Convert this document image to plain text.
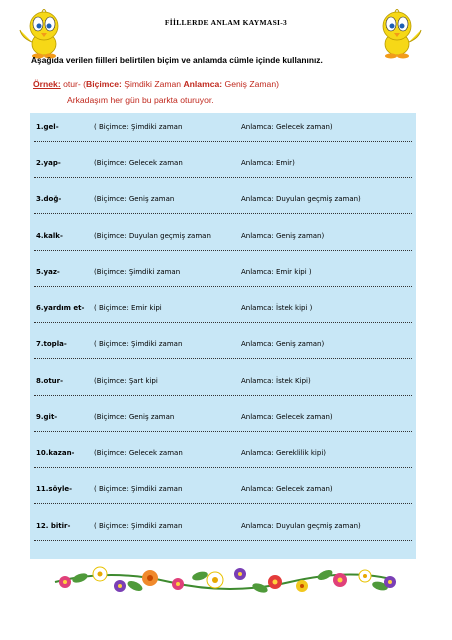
FİİLLERDE ANLAM KAYMASI-3
Aşağıda verilen fiilleri belirtilen biçim ve anlamda cümle içinde kullanınız.
Örnek: otur- (Biçimce: Şimdiki Zaman Anlamca: Geniş Zaman)
Arkadaşım her gün bu parkta oturuyor.
1.gel-	( Biçimce: Şimdiki zaman	Anlamca: Gelecek zaman)
2.yap-	(Biçimce: Gelecek zaman	Anlamca: Emir)
3.doğ-	(Biçimce: Geniş zaman	Anlamca: Duyulan geçmiş zaman)
4.kalk-	(Biçimce: Duyulan geçmiş zaman	Anlamca: Geniş zaman)
5.yaz-	(Biçimce: Şimdiki zaman	Anlamca: Emir kipi )
6.yardım et- ( Biçimce: Emir kipi	Anlamca: İstek kipi )
7.topla-	( Biçimce: Şimdiki zaman	Anlamca: Geniş zaman)
8.otur-	(Biçimce: Şart kipi	Anlamca: İstek Kipi)
9.git-	(Biçimce: Geniş zaman	Anlamca: Gelecek zaman)
10.kazan-	(Biçimce: Gelecek zaman	Anlamca: Gereklilik kipi)
11.söyle-	( Biçimce: Şimdiki zaman	Anlamca: Gelecek zaman)
12. bitir-	( Biçimce: Şimdiki zaman	Anlamca: Duyulan geçmiş zaman)
